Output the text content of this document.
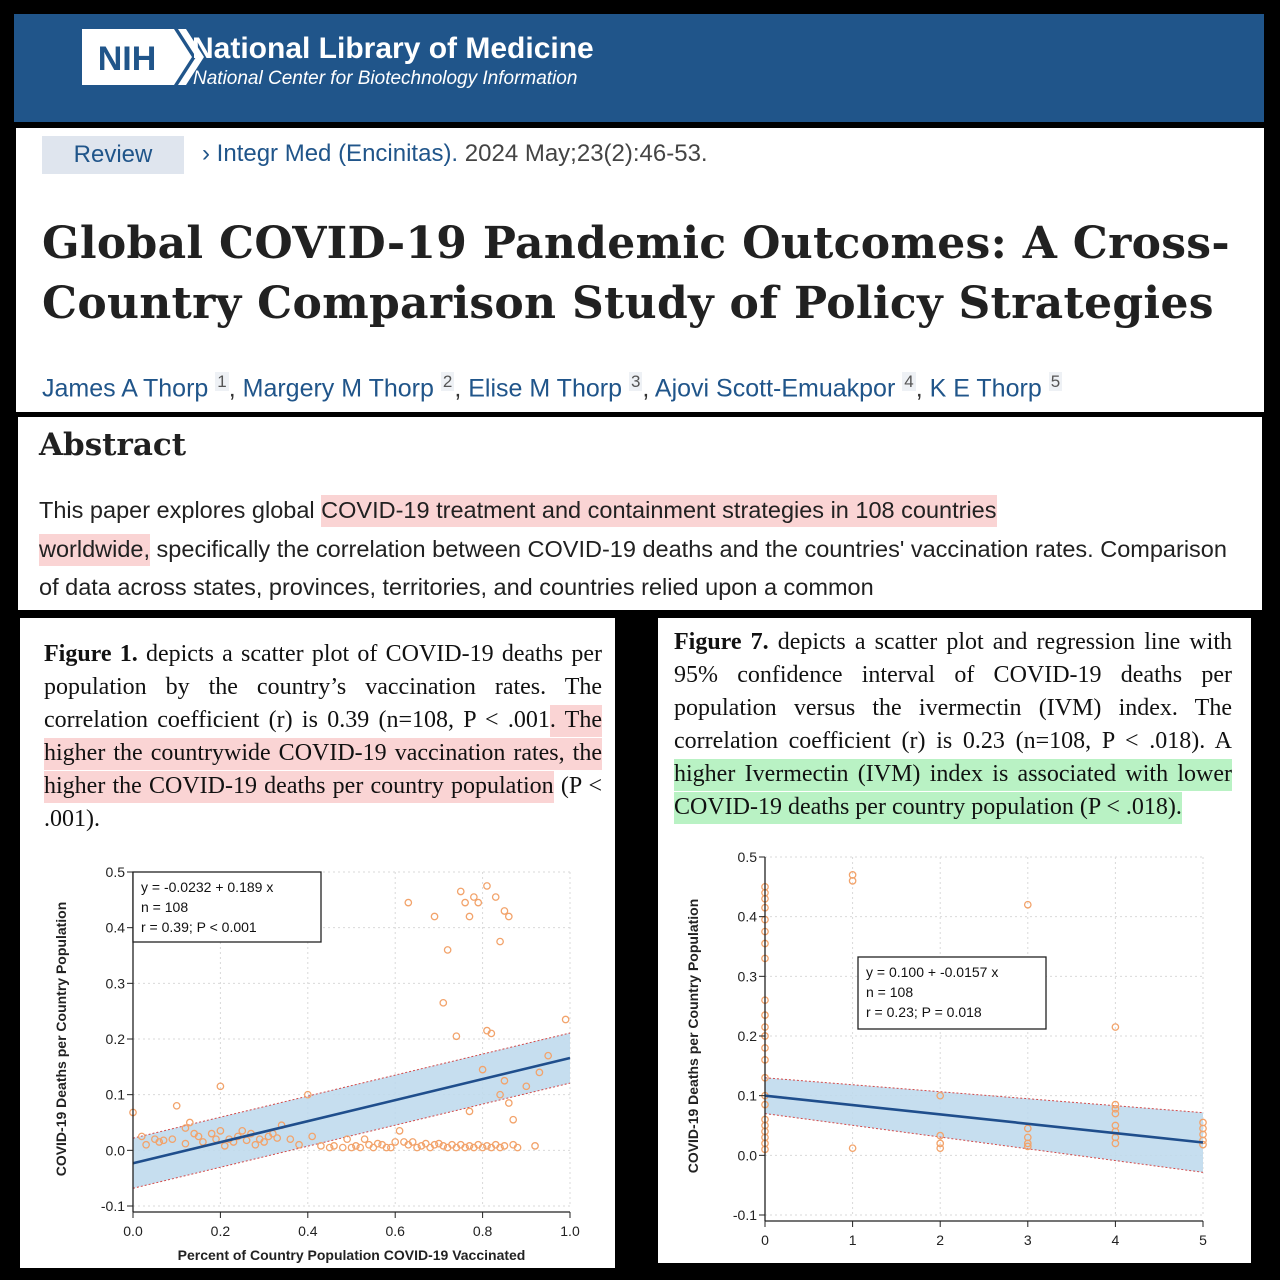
NIH National Library of Medicine
National Center for Biotechnology Information
Review	› Integr Med (Encinitas). 2024 May;23(2):46-53.
Global COVID-19 Pandemic Outcomes: A Cross-Country Comparison Study of Policy Strategies
James A Thorp $^1$, Margery M Thorp $^2$, Elise M Thorp $^3$, Ajovi Scott-Emuakpor $^4$, K E Thorp $^5$
Abstract

This paper explores global COVID-19 treatment and containment strategies in 108 countries
worldwide, specifically the correlation between COVID-19 deaths and the countries' vaccination rates. Comparison of data across states, provinces, territories, and countries relied upon a common

Figure 1. depicts a scatter plot of COVID-19 deaths per population by the country’s vaccination rates. The correlation coefficient (r) is 0.39 (n=108, P < .001. The higher the countrywide COVID-19 vaccination rates, the higher the COVID-19 deaths per country population (P < .001).

COVID-19 Deaths per Country Population
Percent of Country Population COVID-19 Vaccinated
-0.1
0.0
0.1
0.2
0.3
0.4
0.5
0.0	0.2	0.4	0.6	0.8	1.0
y = -0.0232 + 0.189 x
n = 108
r = 0.39; P < 0.001

Figure 7. depicts a scatter plot and regression line with 95% confidence interval of COVID-19 deaths per population versus the ivermectin (IVM) index. The correlation coefficient (r) is 0.23 (n=108, P < .018). A higher Ivermectin (IVM) index is associated with lower COVID-19 deaths per country population (P < .018).

COVID-19 Deaths per Country Population
-0.1
0.0
0.1
0.2
0.3
0.4
0.5
0	1	2	3	4	5
y = 0.100 + -0.0157 x
n = 108
r = 0.23; P = 0.018
